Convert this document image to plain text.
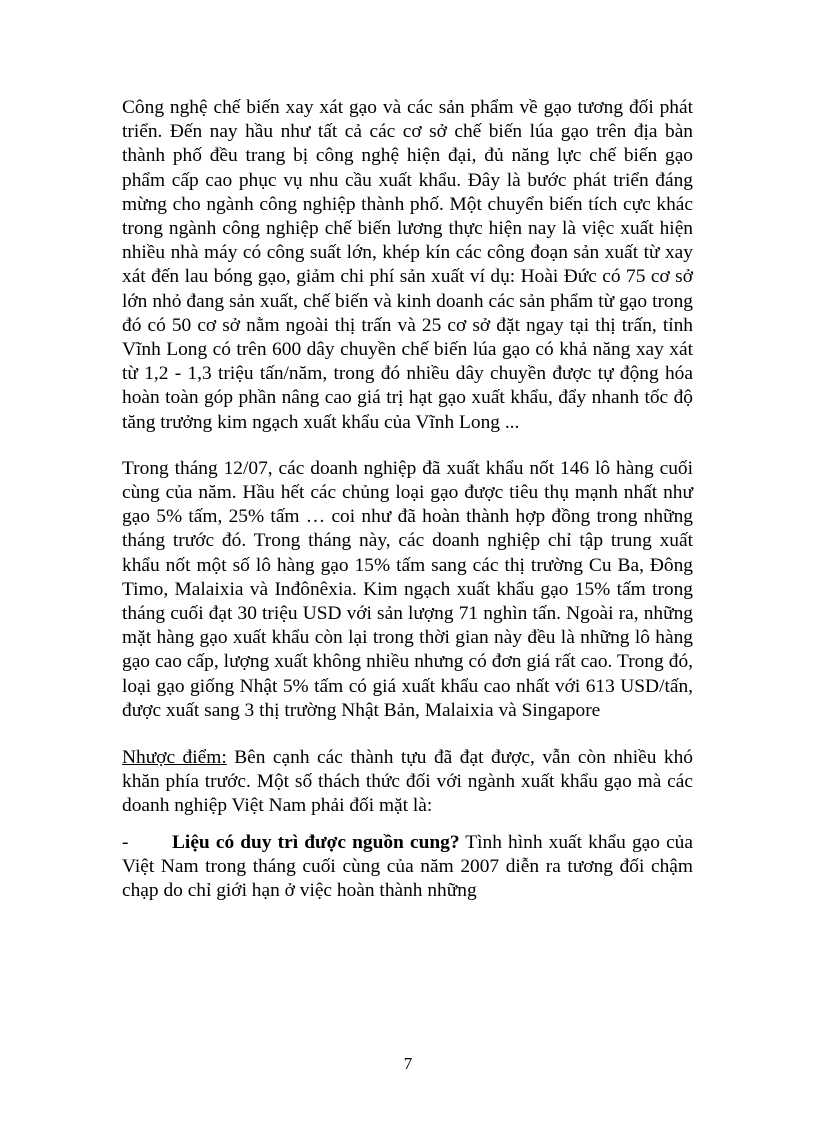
Công nghệ chế biến xay xát gạo và các sản phẩm về gạo tương đối phát triển. Đến nay hầu như tất cả các cơ sở chế biến lúa gạo trên địa bàn thành phố đều trang bị công nghệ hiện đại, đủ năng lực chế biến gạo phẩm cấp cao phục vụ nhu cầu xuất khẩu. Đây là bước phát triển đáng mừng cho ngành công nghiệp thành phố. Một chuyển biến tích cực khác trong ngành công nghiệp chế biến lương thực hiện nay là việc xuất hiện nhiều nhà máy có công suất lớn, khép kín các công đoạn sản xuất từ xay xát đến lau bóng gạo, giảm chi phí sản xuất ví dụ: Hoài Đức có 75 cơ sở lớn nhỏ đang sản xuất, chế biến và kinh doanh các sản phẩm từ gạo trong đó có 50 cơ sở nằm ngoài thị trấn và 25 cơ sở đặt ngay tại thị trấn, tỉnh Vĩnh Long có trên 600 dây chuyền chế biến lúa gạo có khả năng xay xát từ 1,2 - 1,3 triệu tấn/năm, trong đó nhiều dây chuyền được tự động hóa hoàn toàn góp phần nâng cao giá trị hạt gạo xuất khẩu, đẩy nhanh tốc độ tăng trưởng kim ngạch xuất khẩu của Vĩnh Long ...

Trong tháng 12/07, các doanh nghiệp đã xuất khẩu nốt 146 lô hàng cuối cùng của năm. Hầu hết các chủng loại gạo được tiêu thụ mạnh nhất như gạo 5% tấm, 25% tấm … coi như đã hoàn thành hợp đồng trong những tháng trước đó. Trong tháng này, các doanh nghiệp chỉ tập trung xuất khẩu nốt một số lô hàng gạo 15% tấm sang các thị trường Cu Ba, Đông Timo, Malaixia và Inđônêxia. Kim ngạch xuất khẩu gạo 15% tấm trong tháng cuối đạt 30 triệu USD với sản lượng 71 nghìn tấn. Ngoài ra, những mặt hàng gạo xuất khẩu còn lại trong thời gian này đều là những lô hàng gạo cao cấp, lượng xuất không nhiều nhưng có đơn giá rất cao. Trong đó, loại gạo giống Nhật 5% tấm có giá xuất khẩu cao nhất với 613 USD/tấn, được xuất sang 3 thị trường Nhật Bản, Malaixia và Singapore

Nhược điểm: Bên cạnh các thành tựu đã đạt được, vẫn còn nhiều khó khăn phía trước. Một số thách thức đối với ngành xuất khẩu gạo mà các doanh nghiệp Việt Nam phải đối mặt là:

- Liệu có duy trì được nguồn cung? Tình hình xuất khẩu gạo của Việt Nam trong tháng cuối cùng của năm 2007 diễn ra tương đối chậm chạp do chỉ giới hạn ở việc hoàn thành những

7
